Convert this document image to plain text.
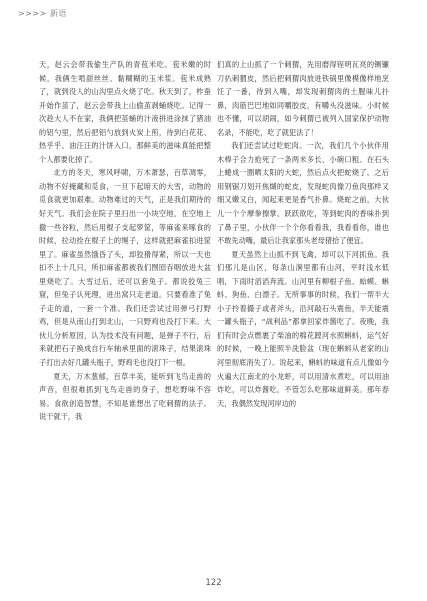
>>>> 新语

天，赵云会带我偷生产队的青苞米吃。苞米嫩的时候，我俩生啃甜丝丝、黏糊糊的玉米浆。苞米成熟了，就到没人的山沟里点火烧了吃。秋天到了，柞蚕开始作茧了，赵云会带我上山偷茧剥蛹烧吃。记得一次趁大人不在家，我俩把茧蛹的汁液拼进涂抹了猪油的铝勺里，然后把铝勺放到火炭上煎，待到白花花、热乎乎、油汪汪的汁饼入口，那鲜美的滋味真能把整个人都要化掉了。

北方的冬天，寒风呼啸，万木萧瑟，百草凋零，动物不好掩藏和觅食，一旦下起暗天的大雪，动物的觅食就更加艰难。动物难过的天气，正是我们期待的好天气。我们会在院子里扫出一小块空地，在空地上撒一些谷粒，然后用棍子支起箩筐，等麻雀来啄食的时候，拉动拴在棍子上的绳子，这样就把麻雀扣进筐里了。麻雀虽然饿昏了头，却狡猾得紧，所以一天也扣不上十几只，所扣麻雀都被我们囫囵吞咽放进大盆里烧吃了。大雪过后，还可以套兔子。都说狡兔三窟，但兔子认死理，进出窝只走老道。只要看准了兔子走的道，一套一个准。我们还尝试过用弹弓打野鸡，但是从南山打到北山，一只野鸡也没打下来。大伙儿分析原因，认为技术没有问题，是弹子不行，后来就把石子换成自行车轴承里面的滚珠子，结果滚珠子打出去好几罐头瓶子，野鸡毛也没打下一根。

夏天，万木葱郁，百草丰美，能听到飞鸟走兽的声音，但很难抓到飞鸟走兽的身子，想吃野味不容易。食欲创造智慧，不知是谁想出了吃刺猬的法子。说干就干，我

们真的上山抓了一个刺猬，先用磨得锃明瓦亮的铡镰刀扒刺猬皮，然后把刺猬肉放进铁锅里像模像样地烹饪了一番，待到入嘴，却发现刺猬肉的土腥味儿扑鼻，肉筋巴巴地如同嚼胶皮，有嚼头没滋味。小时候也不懂，可以胡闹，如今刺猬已被列入国家保护动物名录，不能吃，吃了就犯法了！

我们还尝试过吃蛇肉。一次，我们几个小伙伴用木棒子合力抢死了一条两米多长、小碗口粗、在石头上蜷成一圈晒太阳的大蛇，然后点火把蛇烧了。之后用钢锯刀划开焦煳的蛇皮，发现蛇肉像刀鱼肉那样又细又嫩又白，闻起来更是香气扑鼻。烧蛇之前，大伙儿一个个摩拳擦掌、跃跃欲吃，等到蛇肉的香味扑到了鼻子里，小伙伴一个个你看看我，我看看你，谁也不敢先动嘴，最后让我家那头老母猪拾了便宜。

夏天虽然上山抓不到飞禽，却可以下河抓鱼。我们那儿是山区，每条山涧里都有山河，平时浅水低唱，下雨时滔滔奔流。山河里有柳根子鱼、蛤蟆、蝌蚪、狗鱼、白漂子。无所事事的时候，我们一帮半大小子拎着撮子或者斧头，沿河敲石头震鱼，半天能震一罐头瓶子，“战利品”都拿回家炸酱吃了。夜晚，我们有时会点燃裹了柴油的棉花蹚河水照蝌蚪，运气好的时候，一晚上能照半洗脸盆（现在蝌蚪从老家的山河里彻底消失了）。说起来，蝌蚪的味道有点儿像如今火遍大江南北的小龙虾，可以用清水煮吃，可以用油炸吃，可以炸酱吃，不管怎么吃都味道鲜美。那年春天，我偶然发现河岸边的

122
